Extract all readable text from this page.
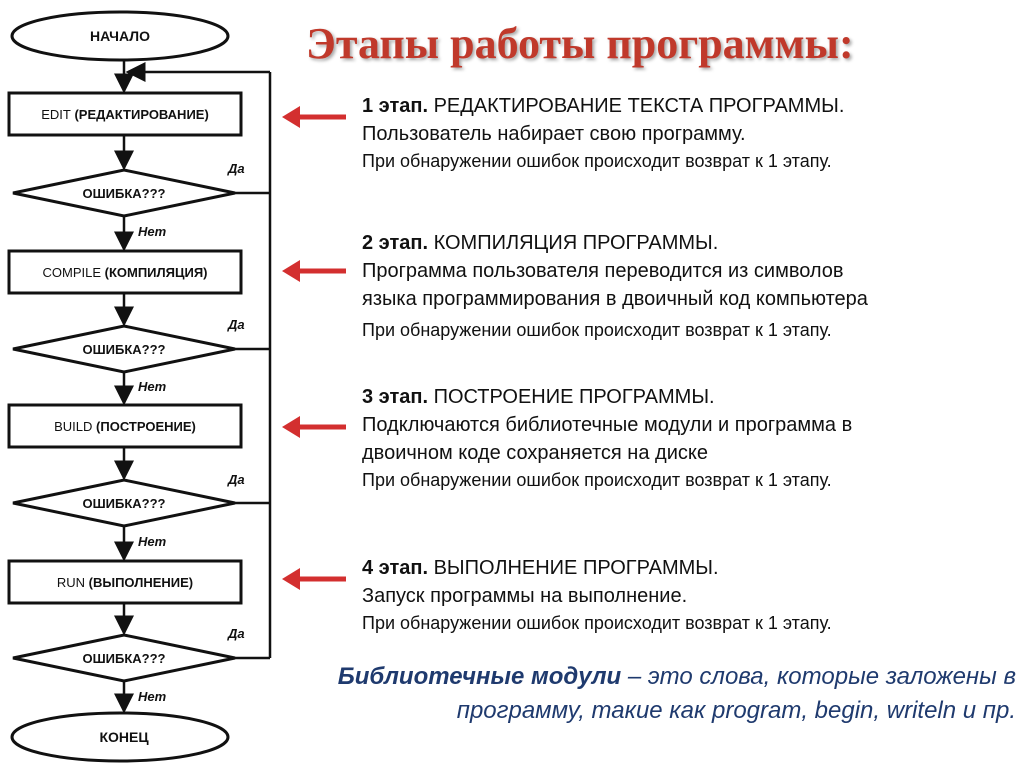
НАЧАЛО
КОНЕЦ
EDIT (РЕДАКТИРОВАНИЕ)
COMPILE (КОМПИЛЯЦИЯ)
BUILD (ПОСТРОЕНИЕ)
RUN (ВЫПОЛНЕНИЕ)
ОШИБКА???
ОШИБКА???
ОШИБКА???
ОШИБКА???
Да
Да
Да
Да
Нет
Нет
Нет
Нет
Этапы работы программы:
1 этап. РЕДАКТИРОВАНИЕ ТЕКСТА ПРОГРАММЫ.
Пользователь набирает свою программу.
При обнаружении ошибок происходит возврат к 1 этапу.
2 этап. КОМПИЛЯЦИЯ ПРОГРАММЫ.
Программа пользователя переводится из символов
языка программирования в двоичный код компьютера
При обнаружении ошибок происходит возврат к 1 этапу.
3 этап. ПОСТРОЕНИЕ ПРОГРАММЫ.
Подключаются библиотечные модули и программа в
двоичном коде сохраняется на диске
При обнаружении ошибок происходит возврат к 1 этапу.
4 этап. ВЫПОЛНЕНИЕ ПРОГРАММЫ.
Запуск программы на выполнение.
При обнаружении ошибок происходит возврат к 1 этапу.
Библиотечные модули – это слова, которые заложены в программу, такие как program, begin, writeln и пр.
